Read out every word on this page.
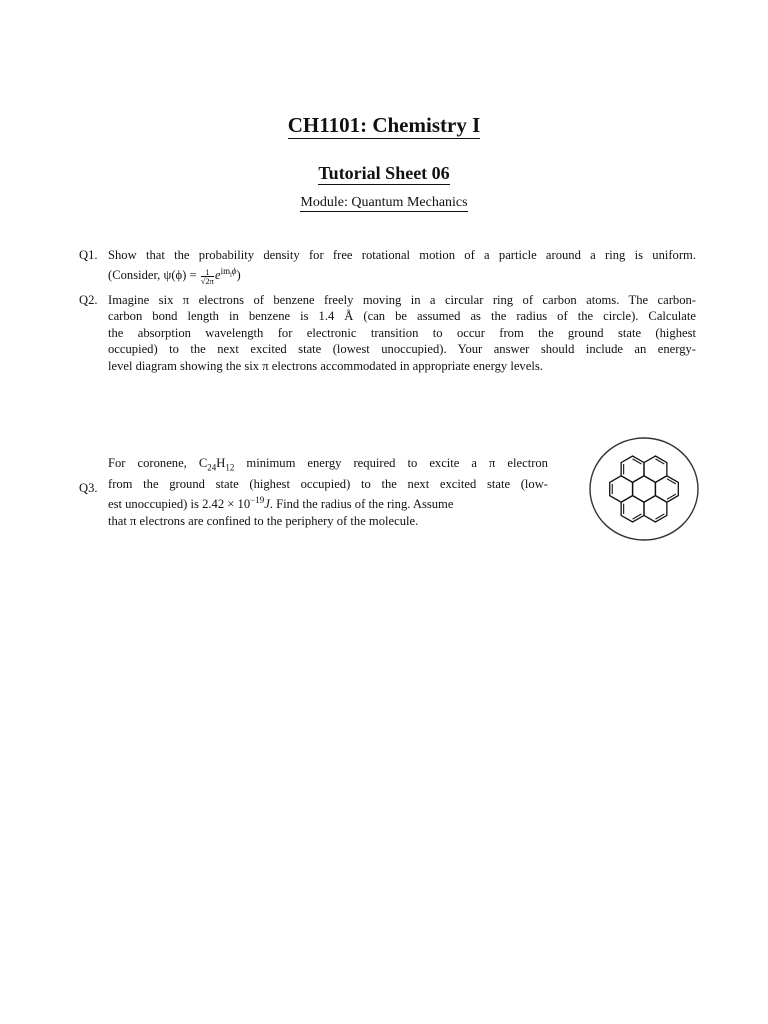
CH1101: Chemistry I
Tutorial Sheet 06
Module: Quantum Mechanics
Q1. Show that the probability density for free rotational motion of a particle around a ring is uniform.
(Consider, $\psi(\phi) = \frac{1}{√2\pi} e^{im_l\phi}$)
Q2. Imagine six π electrons of benzene freely moving in a circular ring of carbon atoms. The carbon-
carbon bond length in benzene is 1.4 Å (can be assumed as the radius of the circle). Calculate
the absorption wavelength for electronic transition to occur from the ground state (highest
occupied) to the next excited state (lowest unoccupied). Your answer should include an energy-
level diagram showing the six π electrons accommodated in appropriate energy levels.
Q3.
For coronene, $C_{24}H_{12}$ minimum energy required to excite a π electron
from the ground state (highest occupied) to the next excited state (low-
est unoccupied) is $2.42 \times 10^{-19}J$. Find the radius of the ring. Assume
that π electrons are confined to the periphery of the molecule.
